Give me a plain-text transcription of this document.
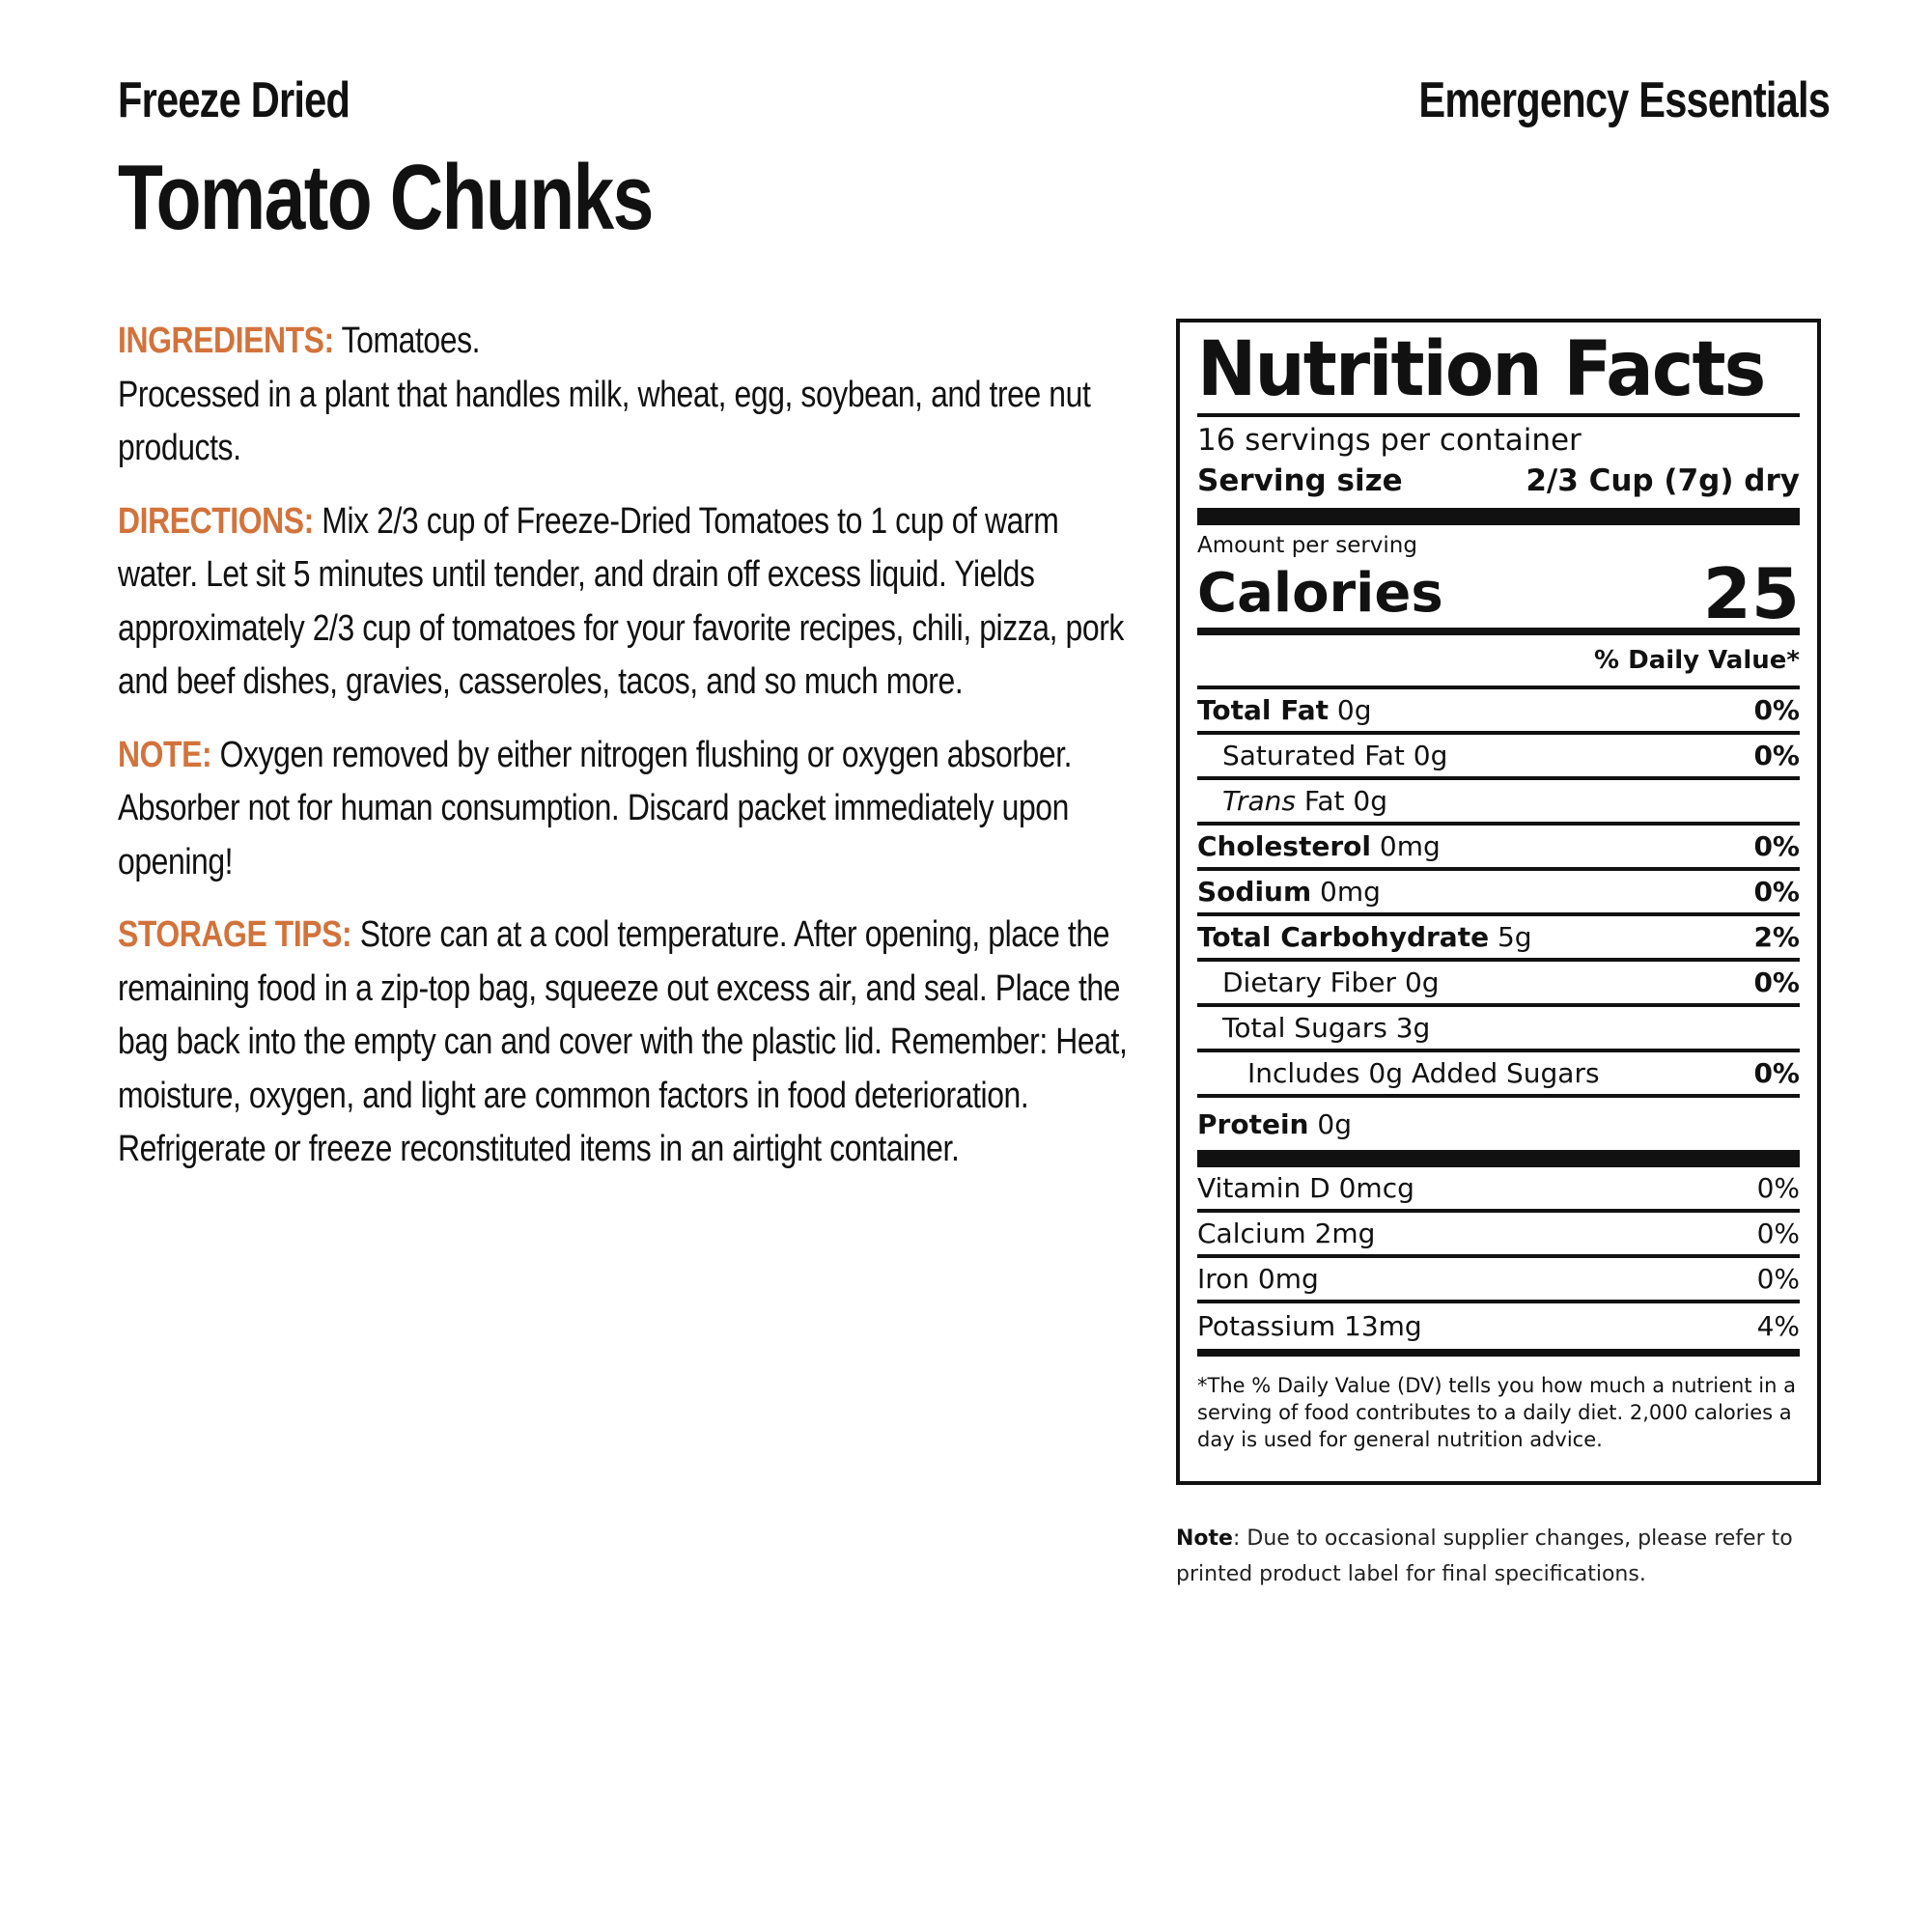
Freeze Dried	Emergency Essentials
Tomato Chunks

INGREDIENTS: Tomatoes.
Processed in a plant that handles milk, wheat, egg, soybean, and tree nut products.

DIRECTIONS: Mix 2/3 cup of Freeze-Dried Tomatoes to 1 cup of warm water. Let sit 5 minutes until tender, and drain off excess liquid. Yields approximately 2/3 cup of tomatoes for your favorite recipes, chili, pizza, pork and beef dishes, gravies, casseroles, tacos, and so much more.

NOTE: Oxygen removed by either nitrogen flushing or oxygen absorber. Absorber not for human consumption. Discard packet immediately upon opening!

STORAGE TIPS: Store can at a cool temperature. After opening, place the remaining food in a zip-top bag, squeeze out excess air, and seal. Place the bag back into the empty can and cover with the plastic lid. Remember: Heat, moisture, oxygen, and light are common factors in food deterioration. Refrigerate or freeze reconstituted items in an airtight container.

Nutrition Facts
16 servings per container
Serving size	2/3 Cup (7g) dry
Amount per serving
Calories	25
% Daily Value*
Total Fat 0g	0%
Saturated Fat 0g	0%
Trans Fat 0g
Cholesterol 0mg	0%
Sodium 0mg	0%
Total Carbohydrate 5g	2%
Dietary Fiber 0g	0%
Total Sugars 3g
Includes 0g Added Sugars	0%
Protein 0g
Vitamin D 0mcg	0%
Calcium 2mg	0%
Iron 0mg	0%
Potassium 13mg	4%
*The % Daily Value (DV) tells you how much a nutrient in a serving of food contributes to a daily diet. 2,000 calories a day is used for general nutrition advice.
Note: Due to occasional supplier changes, please refer to printed product label for final specifications.
